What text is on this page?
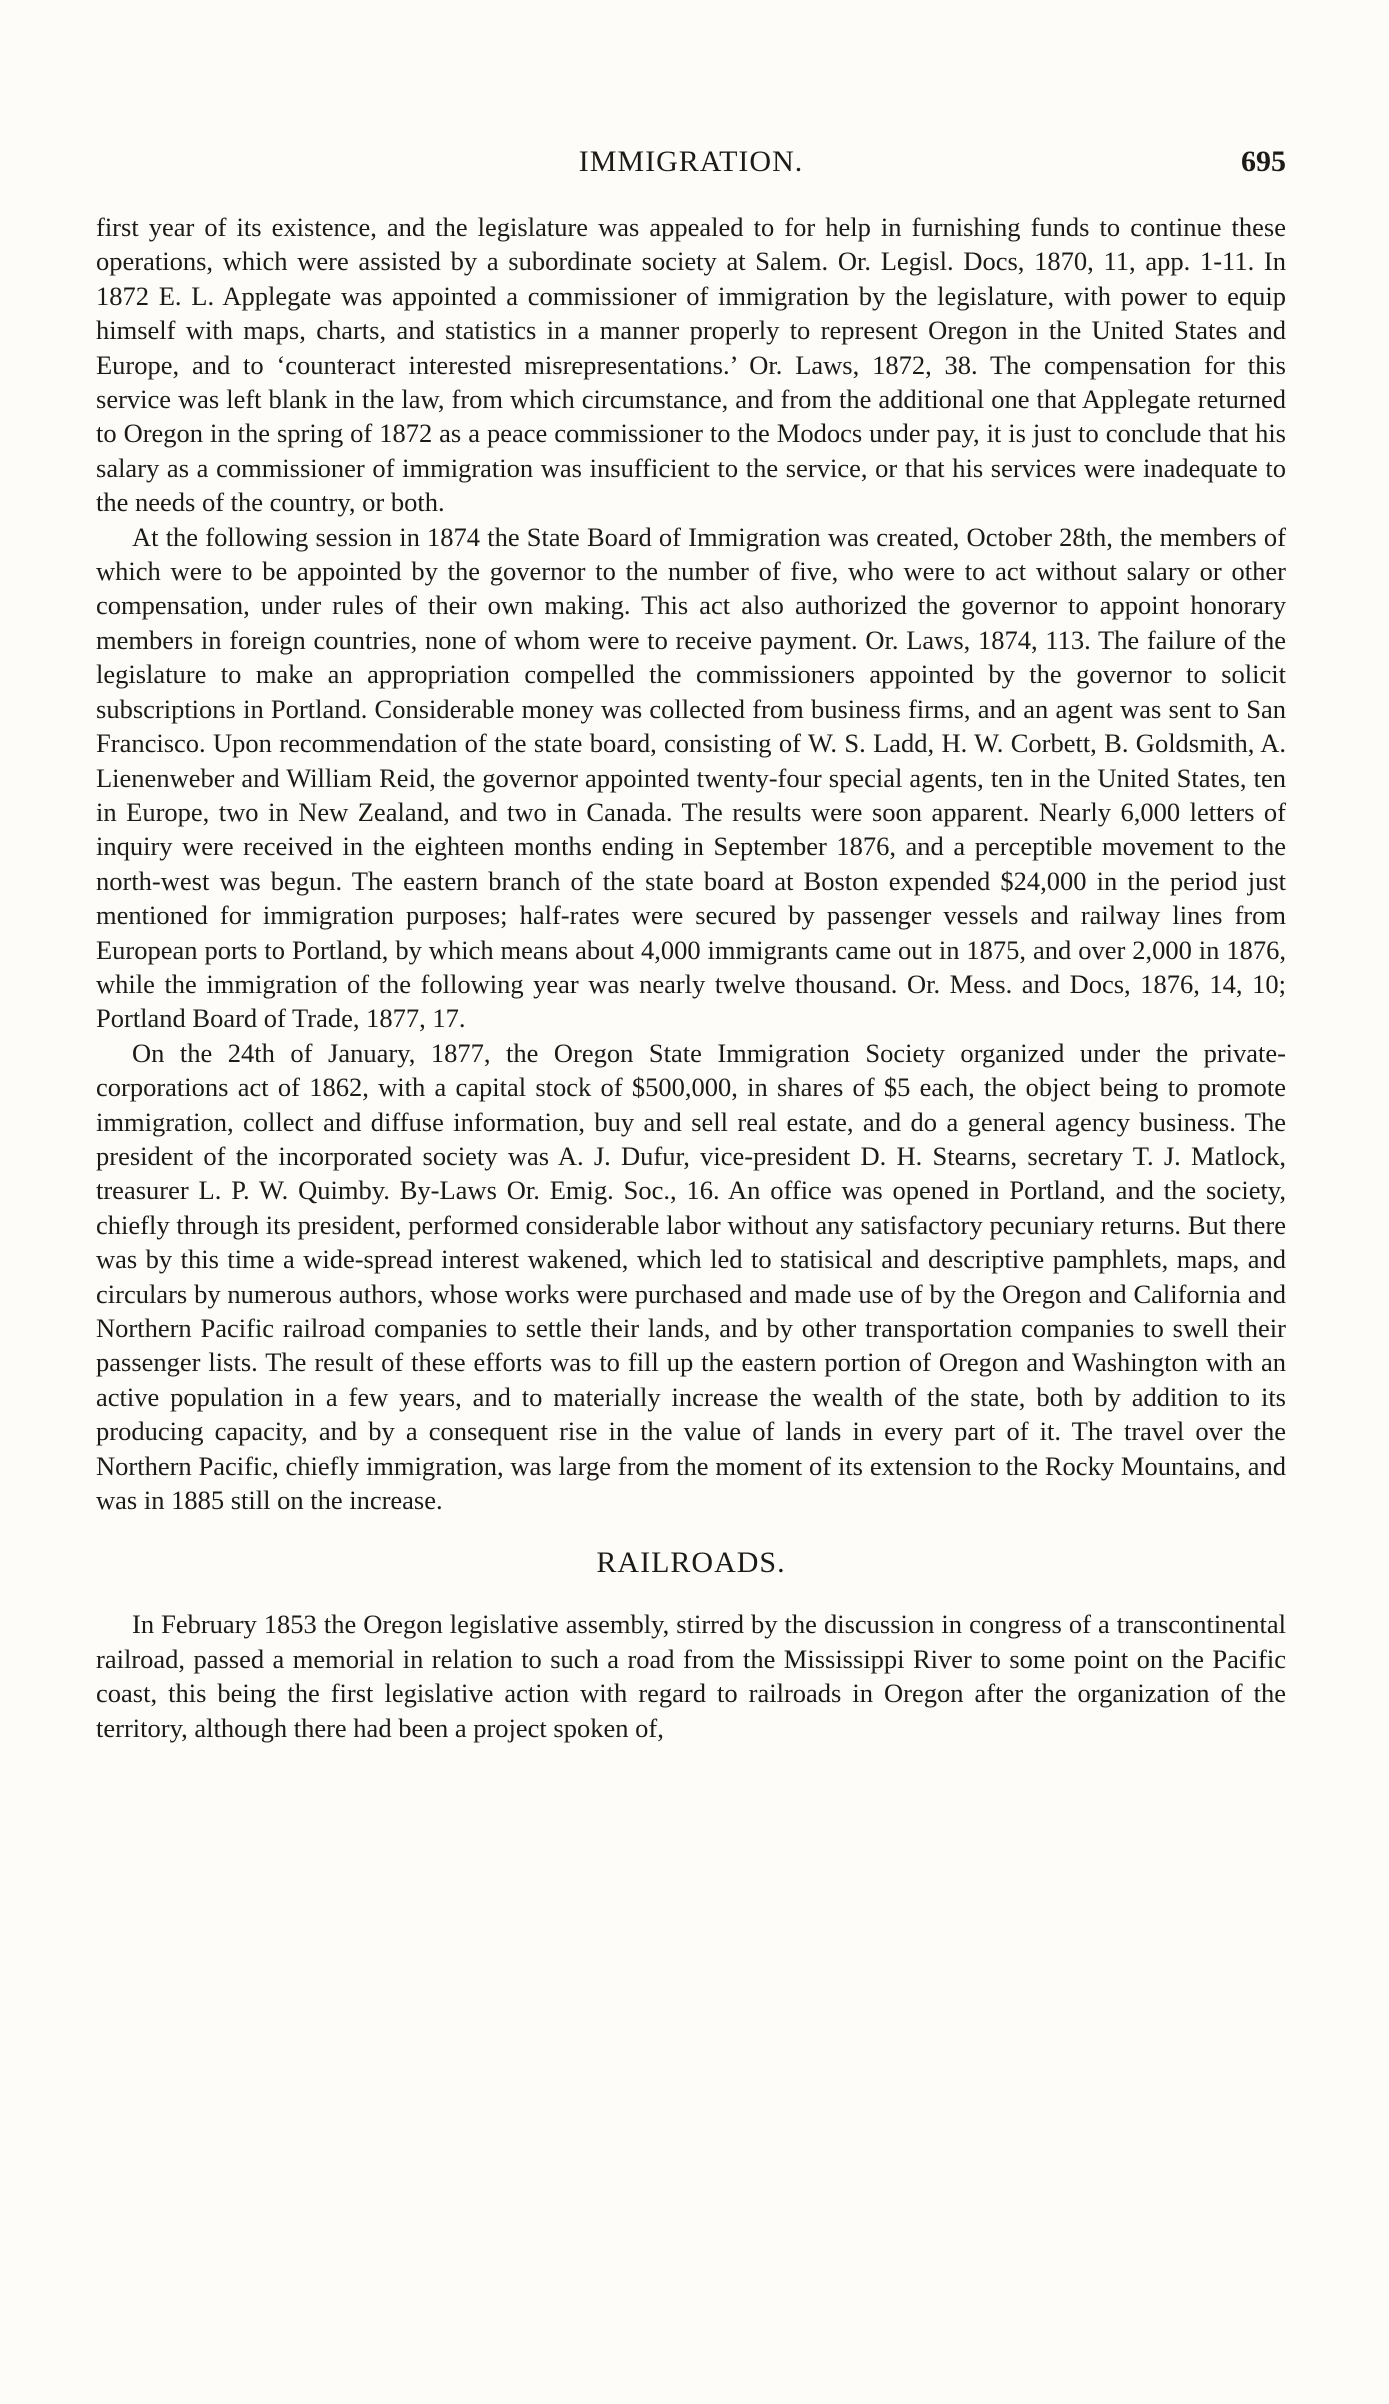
IMMIGRATION.	695

first year of its existence, and the legislature was appealed to for help in furnishing funds to continue these operations, which were assisted by a subordinate society at Salem. Or. Legisl. Docs, 1870, 11, app. 1-11. In 1872 E. L. Applegate was appointed a commissioner of immigration by the legislature, with power to equip himself with maps, charts, and statistics in a manner properly to represent Oregon in the United States and Europe, and to ‘counteract interested misrepresentations.’ Or. Laws, 1872, 38. The compensation for this service was left blank in the law, from which circumstance, and from the additional one that Applegate returned to Oregon in the spring of 1872 as a peace commissioner to the Modocs under pay, it is just to conclude that his salary as a commissioner of immigration was insufficient to the service, or that his services were inadequate to the needs of the country, or both.

At the following session in 1874 the State Board of Immigration was created, October 28th, the members of which were to be appointed by the governor to the number of five, who were to act without salary or other compensation, under rules of their own making. This act also authorized the governor to appoint honorary members in foreign countries, none of whom were to receive payment. Or. Laws, 1874, 113. The failure of the legislature to make an appropriation compelled the commissioners appointed by the governor to solicit subscriptions in Portland. Considerable money was collected from business firms, and an agent was sent to San Francisco. Upon recommendation of the state board, consisting of W. S. Ladd, H. W. Corbett, B. Goldsmith, A. Lienenweber and William Reid, the governor appointed twenty-four special agents, ten in the United States, ten in Europe, two in New Zealand, and two in Canada. The results were soon apparent. Nearly 6,000 letters of inquiry were received in the eighteen months ending in September 1876, and a perceptible movement to the north-west was begun. The eastern branch of the state board at Boston expended $24,000 in the period just mentioned for immigration purposes; half-rates were secured by passenger vessels and railway lines from European ports to Portland, by which means about 4,000 immigrants came out in 1875, and over 2,000 in 1876, while the immigration of the following year was nearly twelve thousand. Or. Mess. and Docs, 1876, 14, 10; Portland Board of Trade, 1877, 17.

On the 24th of January, 1877, the Oregon State Immigration Society organized under the private-corporations act of 1862, with a capital stock of $500,000, in shares of $5 each, the object being to promote immigration, collect and diffuse information, buy and sell real estate, and do a general agency business. The president of the incorporated society was A. J. Dufur, vice-president D. H. Stearns, secretary T. J. Matlock, treasurer L. P. W. Quimby. By-Laws Or. Emig. Soc., 16. An office was opened in Portland, and the society, chiefly through its president, performed considerable labor without any satisfactory pecuniary returns. But there was by this time a wide-spread interest wakened, which led to statisical and descriptive pamphlets, maps, and circulars by numerous authors, whose works were purchased and made use of by the Oregon and California and Northern Pacific railroad companies to settle their lands, and by other transportation companies to swell their passenger lists. The result of these efforts was to fill up the eastern portion of Oregon and Washington with an active population in a few years, and to materially increase the wealth of the state, both by addition to its producing capacity, and by a consequent rise in the value of lands in every part of it. The travel over the Northern Pacific, chiefly immigration, was large from the moment of its extension to the Rocky Mountains, and was in 1885 still on the increase.

RAILROADS.

In February 1853 the Oregon legislative assembly, stirred by the discussion in congress of a transcontinental railroad, passed a memorial in relation to such a road from the Mississippi River to some point on the Pacific coast, this being the first legislative action with regard to railroads in Oregon after the organization of the territory, although there had been a project spoken of,
